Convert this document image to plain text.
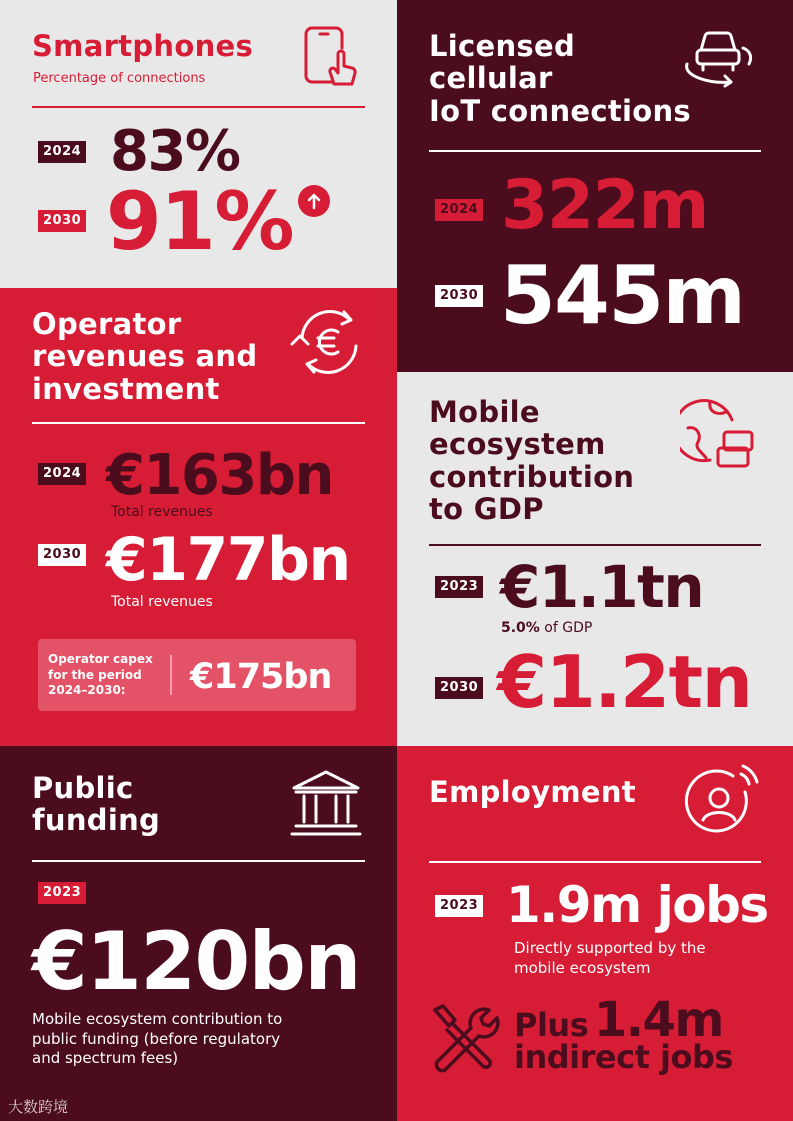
Smartphones
Percentage of connections
2024 83%
2030 91%
Licensed
cellular
IoT connections
2024 322m
2030 545m
Operator
revenues and
investment
2024 €163bn
Total revenues
2030 €177bn
Total revenues
Operator capex
for the period
2024–2030:	€175bn
Mobile
ecosystem
contribution
to GDP
2023 €1.1tn
5.0% of GDP
2030 €1.2tn
Public
funding
2023
€120bn
Mobile ecosystem contribution to
public funding (before regulatory
and spectrum fees)
Employment
2023 1.9m jobs
Directly supported by the
mobile ecosystem
Plus 1.4m
indirect jobs
大数跨境
